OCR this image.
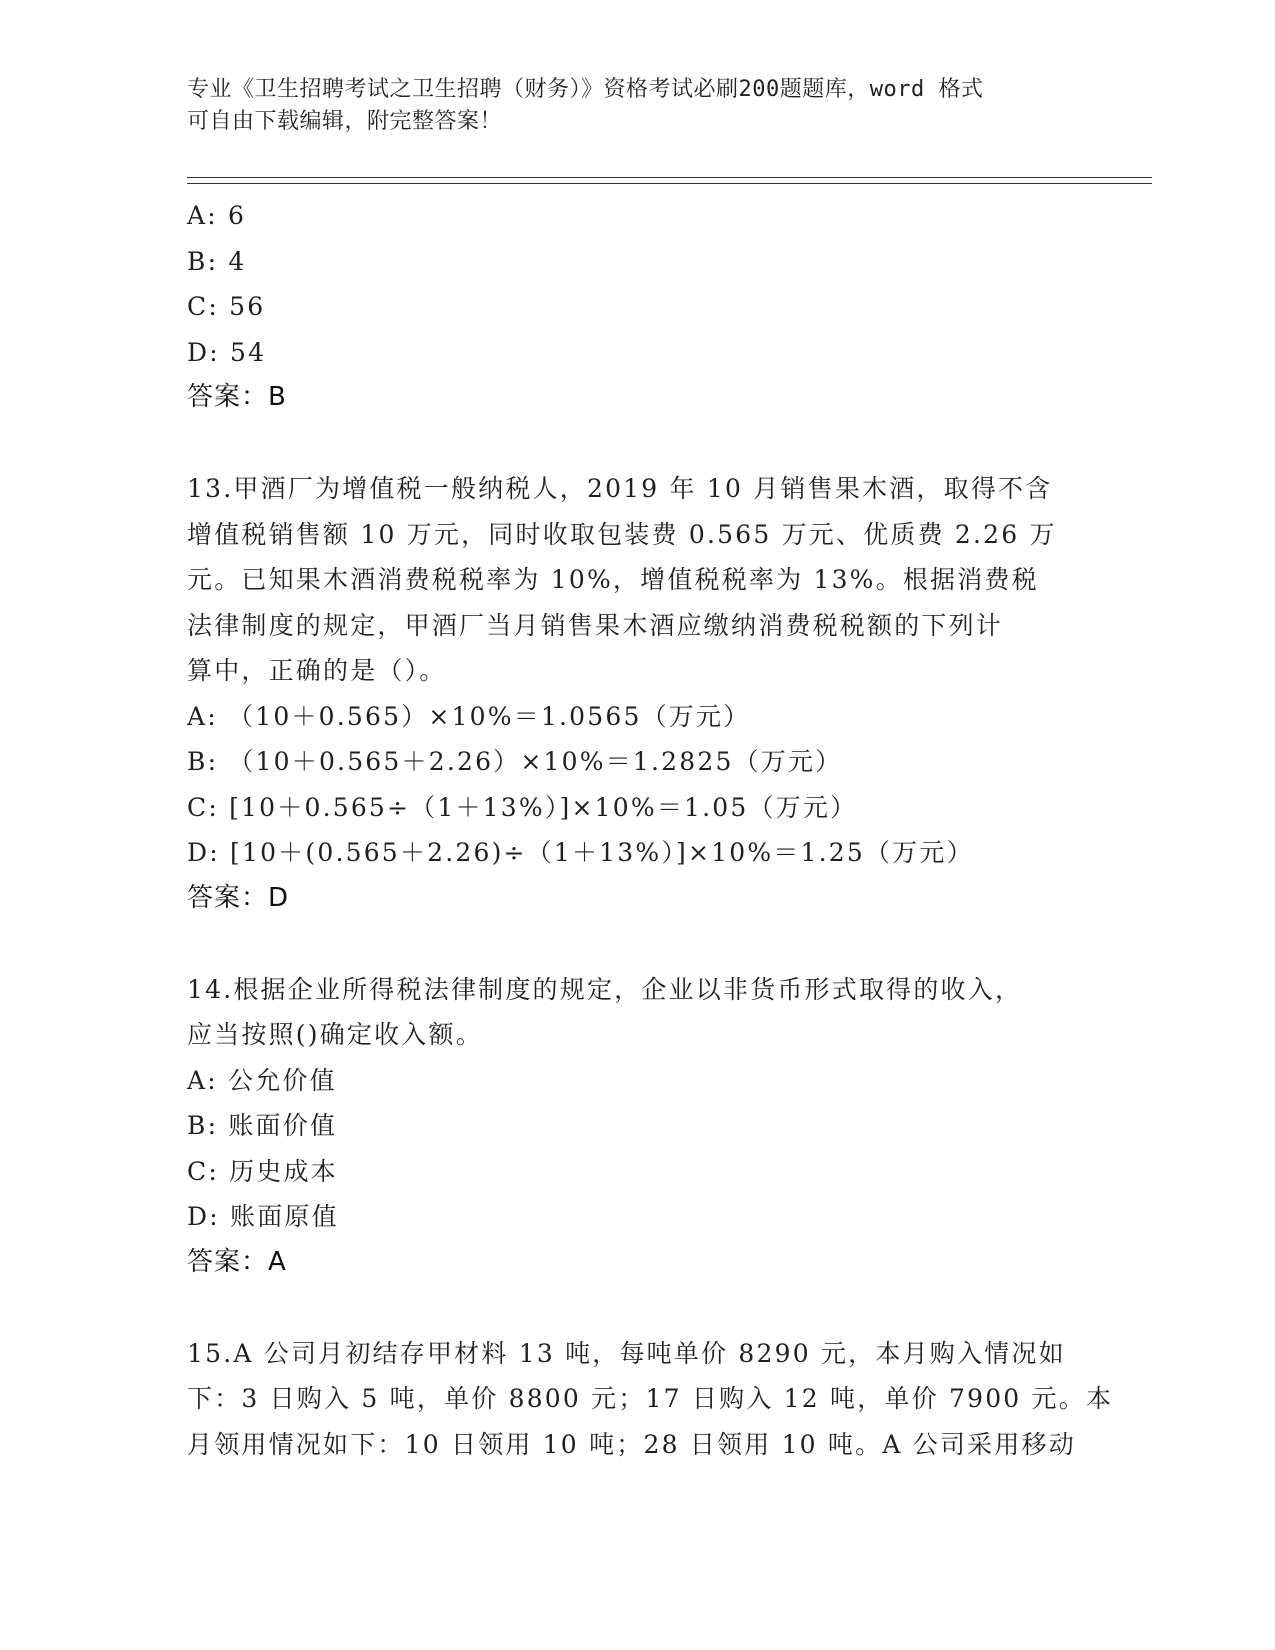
专业《卫生招聘考试之卫生招聘（财务）》资格考试必刷200题题库，word 格式
可自由下载编辑，附完整答案！
A: 6
B: 4
C: 56
D: 54
答案：B
13.甲酒厂为增值税一般纳税人，2019 年 10 月销售果木酒，取得不含
增值税销售额 10 万元，同时收取包装费 0.565 万元、优质费 2.26 万
元。已知果木酒消费税税率为 10%，增值税税率为 13%。根据消费税
法律制度的规定，甲酒厂当月销售果木酒应缴纳消费税税额的下列计
算中，正确的是（）。
A: （10＋0.565）×10%＝1.0565（万元）
B: （10＋0.565＋2.26）×10%＝1.2825（万元）
C: [10＋0.565÷（1＋13%）]×10%＝1.05（万元）
D: [10＋(0.565＋2.26)÷（1＋13%）]×10%＝1.25（万元）
答案：D
14.根据企业所得税法律制度的规定，企业以非货币形式取得的收入，
应当按照()确定收入额。
A: 公允价值
B: 账面价值
C: 历史成本
D: 账面原值
答案：A
15.A 公司月初结存甲材料 13 吨，每吨单价 8290 元，本月购入情况如
下：3 日购入 5 吨，单价 8800 元；17 日购入 12 吨，单价 7900 元。本
月领用情况如下：10 日领用 10 吨；28 日领用 10 吨。A 公司采用移动
